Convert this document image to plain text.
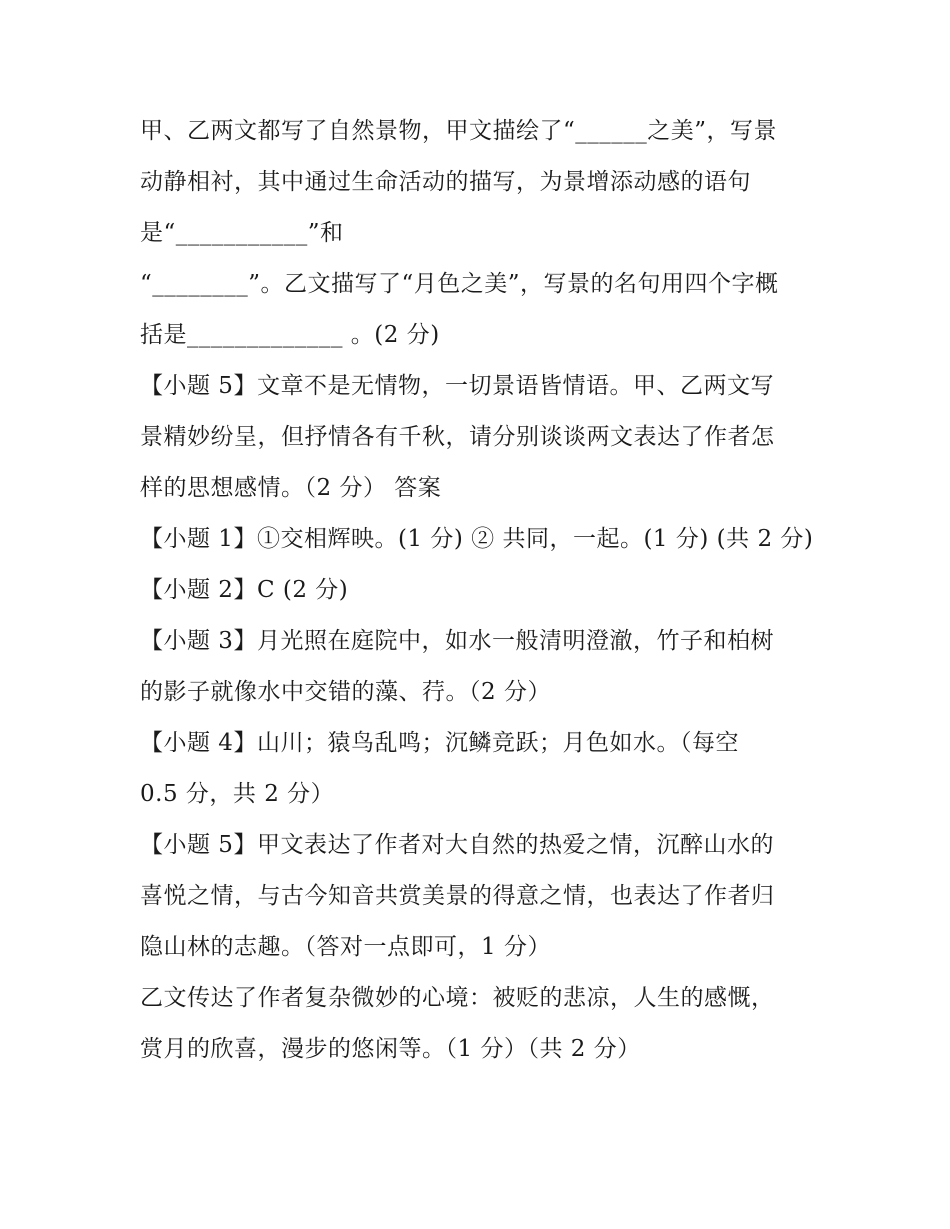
甲、乙两文都写了自然景物，甲文描绘了“______之美”，写景
动静相衬，其中通过生命活动的描写，为景增添动感的语句
是“___________”和
“________”。乙文描写了“月色之美”，写景的名句用四个字概
括是_____________ 。(2 分)
【小题 5】文章不是无情物，一切景语皆情语。甲、乙两文写
景精妙纷呈，但抒情各有千秋，请分别谈谈两文表达了作者怎
样的思想感情。（2 分） 答案
【小题 1】①交相辉映。(1 分) ② 共同，一起。(1 分) (共 2 分)
【小题 2】C (2 分)
【小题 3】月光照在庭院中，如水一般清明澄澈，竹子和柏树
的影子就像水中交错的藻、荇。（2 分）
【小题 4】山川；猿鸟乱鸣；沉鳞竞跃；月色如水。（每空
0.5 分，共 2 分）
【小题 5】甲文表达了作者对大自然的热爱之情，沉醉山水的
喜悦之情，与古今知音共赏美景的得意之情，也表达了作者归
隐山林的志趣。（答对一点即可，1 分）
乙文传达了作者复杂微妙的心境：被贬的悲凉，人生的感慨，
赏月的欣喜，漫步的悠闲等。（1 分）（共 2 分）
